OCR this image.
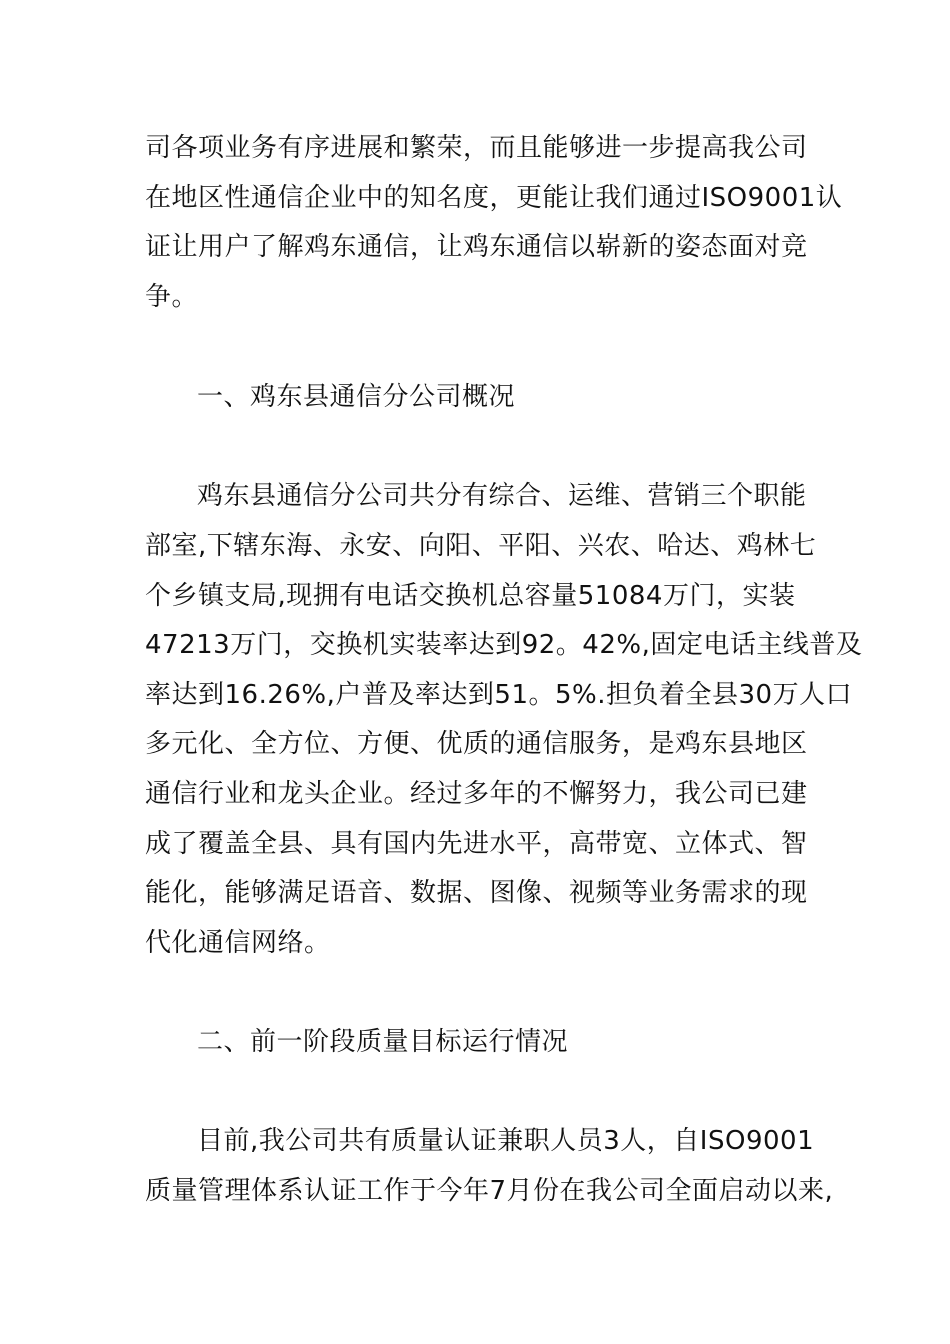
司各项业务有序进展和繁荣，而且能够进一步提高我公司
在地区性通信企业中的知名度，更能让我们通过ISO9001认
证让用户了解鸡东通信，让鸡东通信以崭新的姿态面对竞
争。
一、鸡东县通信分公司概况
鸡东县通信分公司共分有综合、运维、营销三个职能
部室,下辖东海、永安、向阳、平阳、兴农、哈达、鸡林七
个乡镇支局,现拥有电话交换机总容量51084万门，实装
47213万门，交换机实装率达到92。42%,固定电话主线普及
率达到16.26%,户普及率达到51。5%.担负着全县30万人口
多元化、全方位、方便、优质的通信服务，是鸡东县地区
通信行业和龙头企业。经过多年的不懈努力，我公司已建
成了覆盖全县、具有国内先进水平，高带宽、立体式、智
能化，能够满足语音、数据、图像、视频等业务需求的现
代化通信网络。
二、前一阶段质量目标运行情况
目前,我公司共有质量认证兼职人员3人，自ISO9001
质量管理体系认证工作于今年7月份在我公司全面启动以来,
